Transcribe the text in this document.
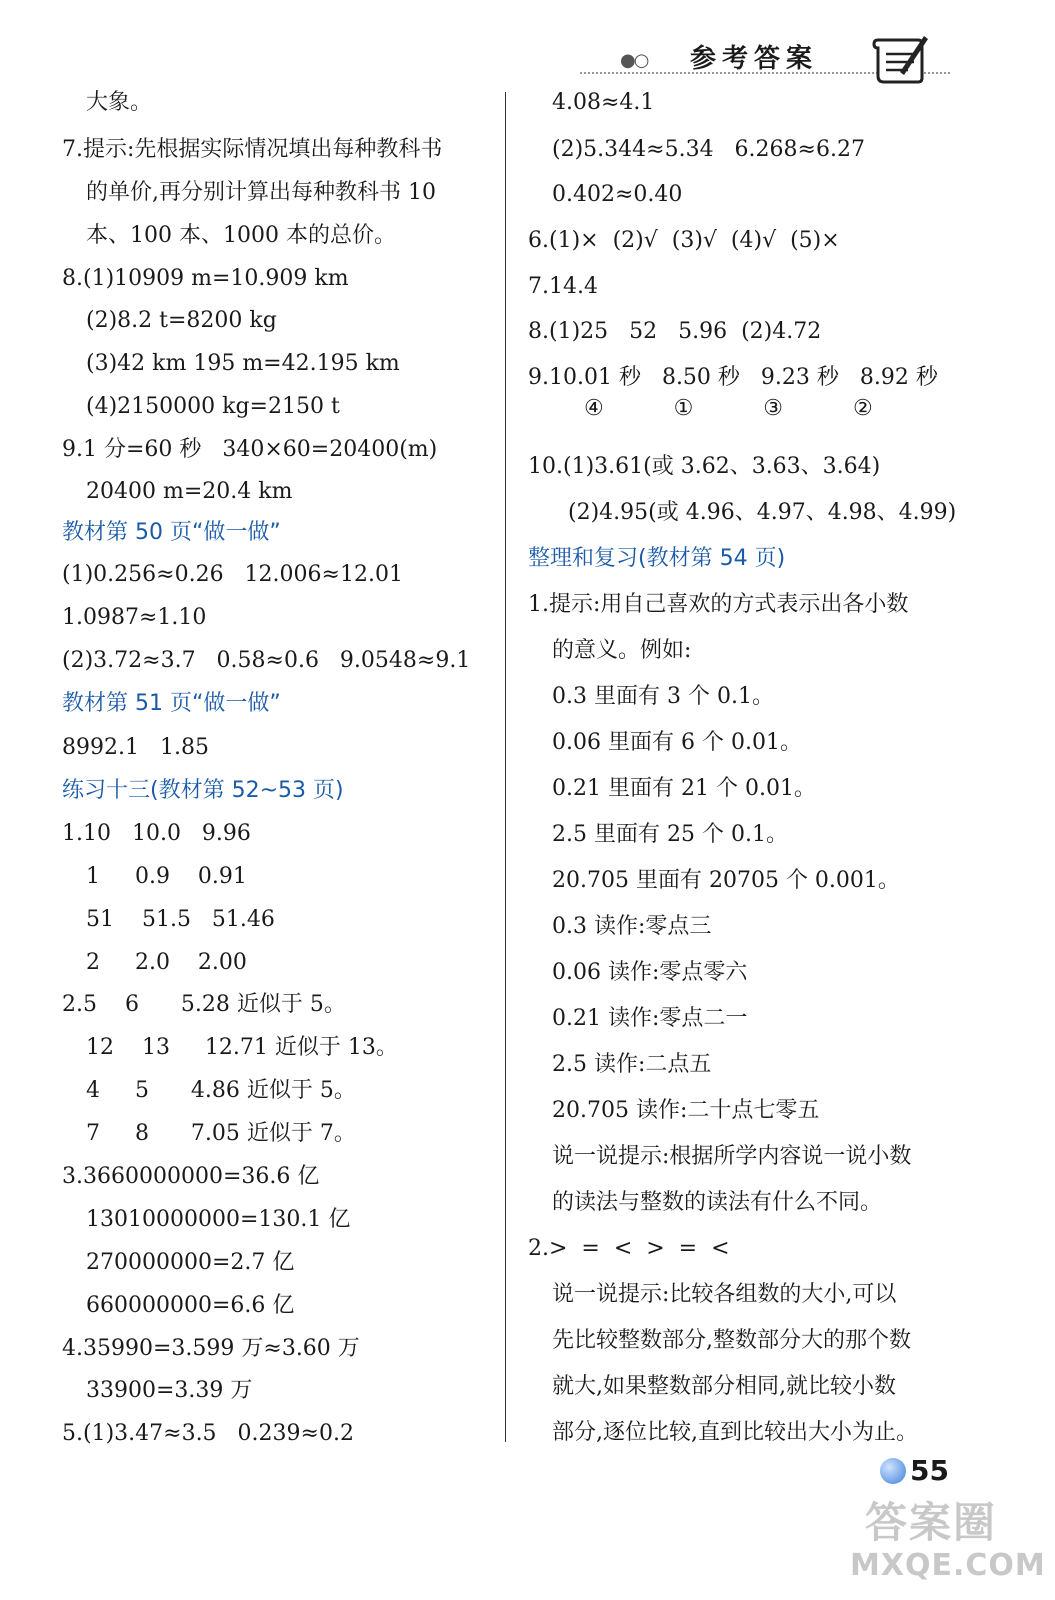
●○ 参考答案
大象。
7.提示:先根据实际情况填出每种教科书
的单价,再分别计算出每种教科书 10
本、100 本、1000 本的总价。
8.(1)10909 m=10.909 km
(2)8.2 t=8200 kg
(3)42 km 195 m=42.195 km
(4)2150000 kg=2150 t
9.1 分=60 秒   340×60=20400(m)
20400 m=20.4 km
教材第 50 页“做一做”
(1)0.256≈0.26   12.006≈12.01
1.0987≈1.10
(2)3.72≈3.7   0.58≈0.6   9.0548≈9.1
教材第 51 页“做一做”
8992.1   1.85
练习十三(教材第 52~53 页)
1.10   10.0   9.96
1     0.9    0.91
51    51.5   51.46
2     2.0    2.00
2.5    6      5.28 近似于 5。
12    13     12.71 近似于 13。
4     5      4.86 近似于 5。
7     8      7.05 近似于 7。
3.3660000000=36.6 亿
13010000000=130.1 亿
270000000=2.7 亿
660000000=6.6 亿
4.35990=3.599 万≈3.60 万
33900=3.39 万
5.(1)3.47≈3.5   0.239≈0.2
4.08≈4.1
(2)5.344≈5.34   6.268≈6.27
0.402≈0.40
6.(1)×  (2)√  (3)√  (4)√  (5)×
7.14.4
8.(1)25   52   5.96  (2)4.72
9.10.01 秒   8.50 秒   9.23 秒   8.92 秒
④          ①          ③          ②
10.(1)3.61(或 3.62、3.63、3.64)
(2)4.95(或 4.96、4.97、4.98、4.99)
整理和复习(教材第 54 页)
1.提示:用自己喜欢的方式表示出各小数
的意义。例如:
0.3 里面有 3 个 0.1。
0.06 里面有 6 个 0.01。
0.21 里面有 21 个 0.01。
2.5 里面有 25 个 0.1。
20.705 里面有 20705 个 0.001。
0.3 读作:零点三
0.06 读作:零点零六
0.21 读作:零点二一
2.5 读作:二点五
20.705 读作:二十点七零五
说一说提示:根据所学内容说一说小数
的读法与整数的读法有什么不同。
2.>  =  <  >  =  <
说一说提示:比较各组数的大小,可以
先比较整数部分,整数部分大的那个数
就大,如果整数部分相同,就比较小数
部分,逐位比较,直到比较出大小为止。
55
答案圈
MXQE.COM
